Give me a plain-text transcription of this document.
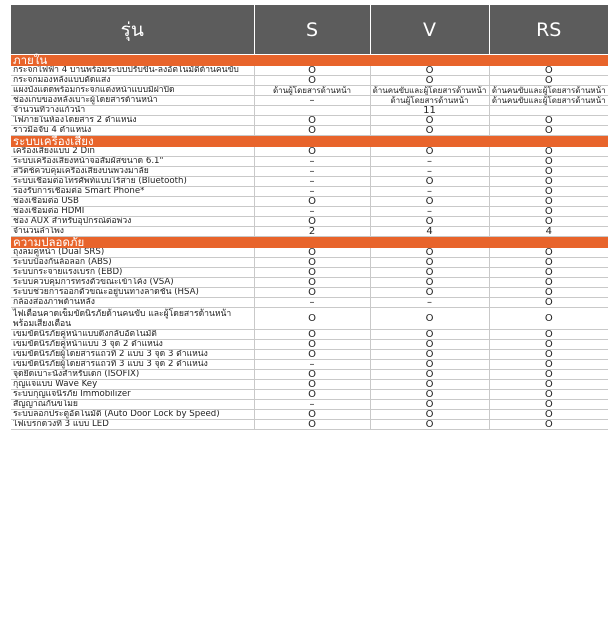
รุ่น	S	V	RS
ภายใน			
กระจกไฟฟ้า 4 บานพร้อมระบบปรับขึ้น-ลงอัตโนมัติด้านคนขับ	O	O	O
กระจกมองหลังแบบตัดแสง	O	O	O
แผงบังแดดพร้อมกระจกแต่งหน้าแบบมีฝาปิด	ด้านผู้โดยสารด้านหน้า	ด้านคนขับและผู้โดยสารด้านหน้า	ด้านคนขับและผู้โดยสารด้านหน้า
ช่องเก็บของหลังเบาะผู้โดยสารด้านหน้า	–	ด้านผู้โดยสารด้านหน้า	ด้านคนขับและผู้โดยสารด้านหน้า
จำนวนที่วางแก้วน้ำ		11	
ไฟภายในห้องโดยสาร 2 ตำแหน่ง	O	O	O
ราวมือจับ 4 ตำแหน่ง	O	O	O
ระบบเครื่องเสียง			
เครื่องเสียงแบบ 2 Din	O	O	O
ระบบเครื่องเสียงหน้าจอสัมผัสขนาด 6.1"	–	–	O
สวิตช์ควบคุมเครื่องเสียงบนพวงมาลัย	–	–	O
ระบบเชื่อมต่อโทรศัพท์แบบไร้สาย (Bluetooth)	–	O	O
รองรับการเชื่อมต่อ Smart Phone*	–	–	O
ช่องเชื่อมต่อ USB	O	O	O
ช่องเชื่อมต่อ HDMI	–	–	O
ช่อง AUX สำหรับอุปกรณ์ต่อพ่วง	O	O	O
จำนวนลำโพง	2	4	4
ความปลอดภัย			
ถุงลมคู่หน้า (Dual SRS)	O	O	O
ระบบป้องกันล้อล็อก (ABS)	O	O	O
ระบบกระจายแรงเบรก (EBD)	O	O	O
ระบบควบคุมการทรงตัวขณะเข้าโค้ง (VSA)	O	O	O
ระบบช่วยการออกตัวขณะอยู่บนทางลาดชัน (HSA)	O	O	O
กล้องส่องภาพด้านหลัง	–	–	O
ไฟเตือนคาดเข็มขัดนิรภัยด้านคนขับ และผู้โดยสารด้านหน้าพร้อมเสียงเตือน	O	O	O
เข็มขัดนิรภัยคู่หน้าแบบดึงกลับอัตโนมัติ	O	O	O
เข็มขัดนิรภัยคู่หน้าแบบ 3 จุด 2 ตำแหน่ง	O	O	O
เข็มขัดนิรภัยผู้โดยสารแถวที่ 2 แบบ 3 จุด 3 ตำแหน่ง	O	O	O
เข็มขัดนิรภัยผู้โดยสารแถวที่ 3 แบบ 3 จุด 2 ตำแหน่ง	–	O	O
จุดยึดเบาะนั่งสำหรับเด็ก (ISOFIX)	O	O	O
กุญแจแบบ Wave Key	O	O	O
ระบบกุญแจนิรภัย Immobilizer	O	O	O
สัญญาณกันขโมย	–	O	O
ระบบล็อกประตูอัตโนมัติ (Auto Door Lock by Speed)	O	O	O
ไฟเบรกดวงที่ 3 แบบ LED	O	O	O
